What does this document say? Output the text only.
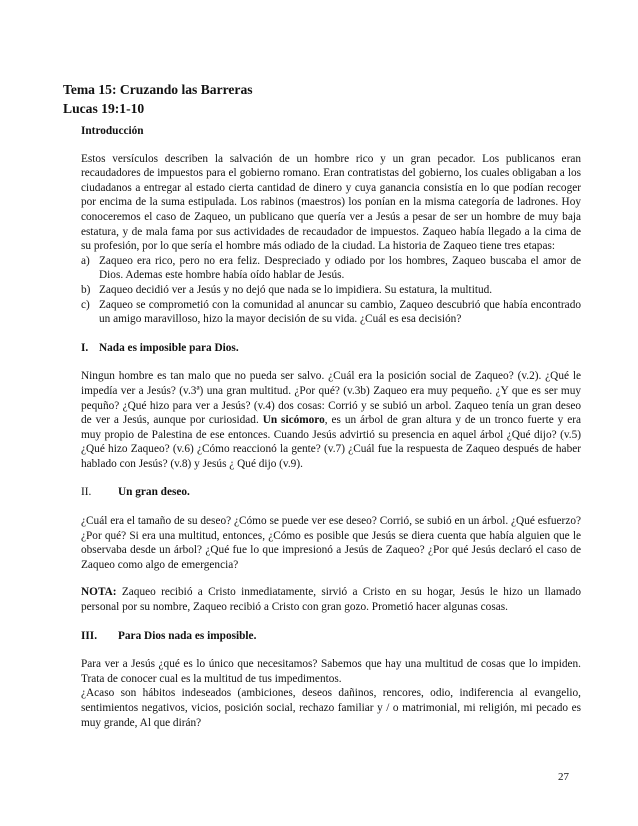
Tema 15: Cruzando las Barreras
Lucas 19:1-10

Introducción

Estos versículos describen la salvación de un hombre rico y un gran pecador. Los publicanos eran recaudadores de impuestos para el gobierno romano. Eran contratistas del gobierno, los cuales obligaban a los ciudadanos a entregar al estado cierta cantidad de dinero y cuya ganancia consistía en lo que podían recoger por encima de la suma estipulada. Los rabinos (maestros) los ponían en la misma categoría de ladrones. Hoy conoceremos el caso de Zaqueo, un publicano que quería ver a Jesús a pesar de ser un hombre de muy baja estatura, y de mala fama por sus actividades de recaudador de impuestos. Zaqueo había llegado a la cima de su profesión, por lo que sería el hombre más odiado de la ciudad. La historia de Zaqueo tiene tres etapas:

a) Zaqueo era rico, pero no era feliz. Despreciado y odiado por los hombres, Zaqueo buscaba el amor de Dios. Ademas este hombre había oído hablar de Jesús.
b) Zaqueo decidió ver a Jesús y no dejó que nada se lo impidiera. Su estatura, la multitud.
c) Zaqueo se comprometió con la comunidad al anuncar su cambio, Zaqueo descubrió que había encontrado un amigo maravilloso, hizo la mayor decisión de su vida. ¿Cuál es esa decisión?

I. Nada es imposible para Dios.

Ningun hombre es tan malo que no pueda ser salvo. ¿Cuál era la posición social de Zaqueo? (v.2). ¿Qué le impedía ver a Jesús? (v.3ª) una gran multitud. ¿Por qué? (v.3b) Zaqueo era muy pequeño. ¿Y que es ser muy pequño? ¿Qué hizo para ver a Jesús? (v.4) dos cosas: Corrió y se subió un arbol. Zaqueo tenía un gran deseo de ver a Jesús, aunque por curiosidad. Un sicómoro, es un árbol de gran altura y de un tronco fuerte y era muy propio de Palestina de ese entonces. Cuando Jesús advirtió su presencia en aquel árbol ¿Qué dijo? (v.5) ¿Qué hizo Zaqueo? (v.6) ¿Cómo reaccionó la gente? (v.7) ¿Cuál fue la respuesta de Zaqueo después de haber hablado con Jesús? (v.8) y Jesús ¿ Qué dijo (v.9).

II.	Un gran deseo.

¿Cuál era el tamaño de su deseo? ¿Cómo se puede ver ese deseo? Corrió, se subió en un árbol. ¿Qué esfuerzo? ¿Por qué? Si era una multitud, entonces, ¿Cómo es posible que Jesús se diera cuenta que había alguien que le observaba desde un árbol? ¿Qué fue lo que impresionó a Jesús de Zaqueo? ¿Por qué Jesús declaró el caso de Zaqueo como algo de emergencia?

NOTA: Zaqueo recibió a Cristo inmediatamente, sirvió a Cristo en su hogar, Jesús le hizo un llamado personal por su nombre, Zaqueo recibió a Cristo con gran gozo. Prometió hacer algunas cosas.

III.	Para Dios nada es imposible.

Para ver a Jesús ¿qué es lo único que necesitamos? Sabemos que hay una multitud de cosas que lo impiden. Trata de conocer cual es la multitud de tus impedimentos.

¿Acaso son hábitos indeseados (ambiciones, deseos dañinos, rencores, odio, indiferencia al evangelio, sentimientos negativos, vicios, posición social, rechazo familiar y / o matrimonial, mi religión, mi pecado es muy grande, Al que dirán?

27
